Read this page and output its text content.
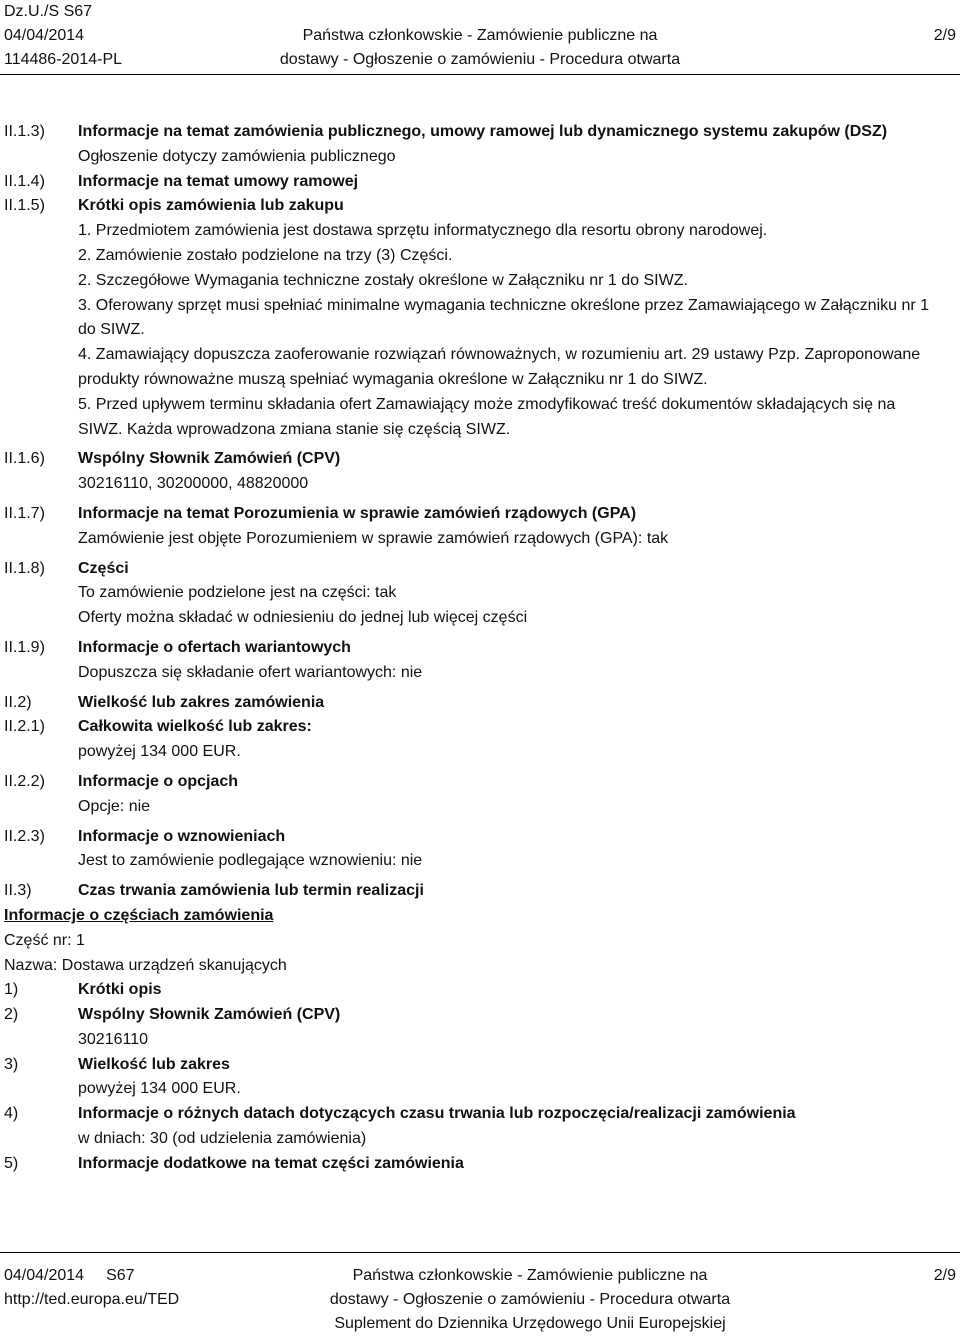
Dz.U./S S67
04/04/2014
114486-2014-PL
Państwa członkowskie - Zamówienie publiczne na
dostawy - Ogłoszenie o zamówieniu - Procedura otwarta
2/9
II.1.3)	Informacje na temat zamówienia publicznego, umowy ramowej lub dynamicznego systemu zakupów (DSZ)
Ogłoszenie dotyczy zamówienia publicznego
II.1.4)	Informacje na temat umowy ramowej
II.1.5)	Krótki opis zamówienia lub zakupu
1. Przedmiotem zamówienia jest dostawa sprzętu informatycznego dla resortu obrony narodowej.
2. Zamówienie zostało podzielone na trzy (3) Części.
2. Szczegółowe Wymagania techniczne zostały określone w Załączniku nr 1 do SIWZ.
3. Oferowany sprzęt musi spełniać minimalne wymagania techniczne określone przez Zamawiającego w Załączniku nr 1 do SIWZ.
4. Zamawiający dopuszcza zaoferowanie rozwiązań równoważnych, w rozumieniu art. 29 ustawy Pzp. Zaproponowane produkty równoważne muszą spełniać wymagania określone w Załączniku nr 1 do SIWZ.
5. Przed upływem terminu składania ofert Zamawiający może zmodyfikować treść dokumentów składających się na SIWZ. Każda wprowadzona zmiana stanie się częścią SIWZ.
II.1.6)	Wspólny Słownik Zamówień (CPV)
30216110, 30200000, 48820000
II.1.7)	Informacje na temat Porozumienia w sprawie zamówień rządowych (GPA)
Zamówienie jest objęte Porozumieniem w sprawie zamówień rządowych (GPA): tak
II.1.8)	Części
To zamówienie podzielone jest na części: tak
Oferty można składać w odniesieniu do jednej lub więcej części
II.1.9)	Informacje o ofertach wariantowych
Dopuszcza się składanie ofert wariantowych: nie
II.2)	Wielkość lub zakres zamówienia
II.2.1)	Całkowita wielkość lub zakres:
powyżej 134 000 EUR.
II.2.2)	Informacje o opcjach
Opcje: nie
II.2.3)	Informacje o wznowieniach
Jest to zamówienie podlegające wznowieniu: nie
II.3)	Czas trwania zamówienia lub termin realizacji
Informacje o częściach zamówienia
Część nr: 1
Nazwa: Dostawa urządzeń skanujących
1)	Krótki opis
2)	Wspólny Słownik Zamówień (CPV)
30216110
3)	Wielkość lub zakres
powyżej 134 000 EUR.
4)	Informacje o różnych datach dotyczących czasu trwania lub rozpoczęcia/realizacji zamówienia
w dniach: 30 (od udzielenia zamówienia)
5)	Informacje dodatkowe na temat części zamówienia
04/04/2014 S67
http://ted.europa.eu/TED
Państwa członkowskie - Zamówienie publiczne na
dostawy - Ogłoszenie o zamówieniu - Procedura otwarta
Suplement do Dziennika Urzędowego Unii Europejskiej
2/9
